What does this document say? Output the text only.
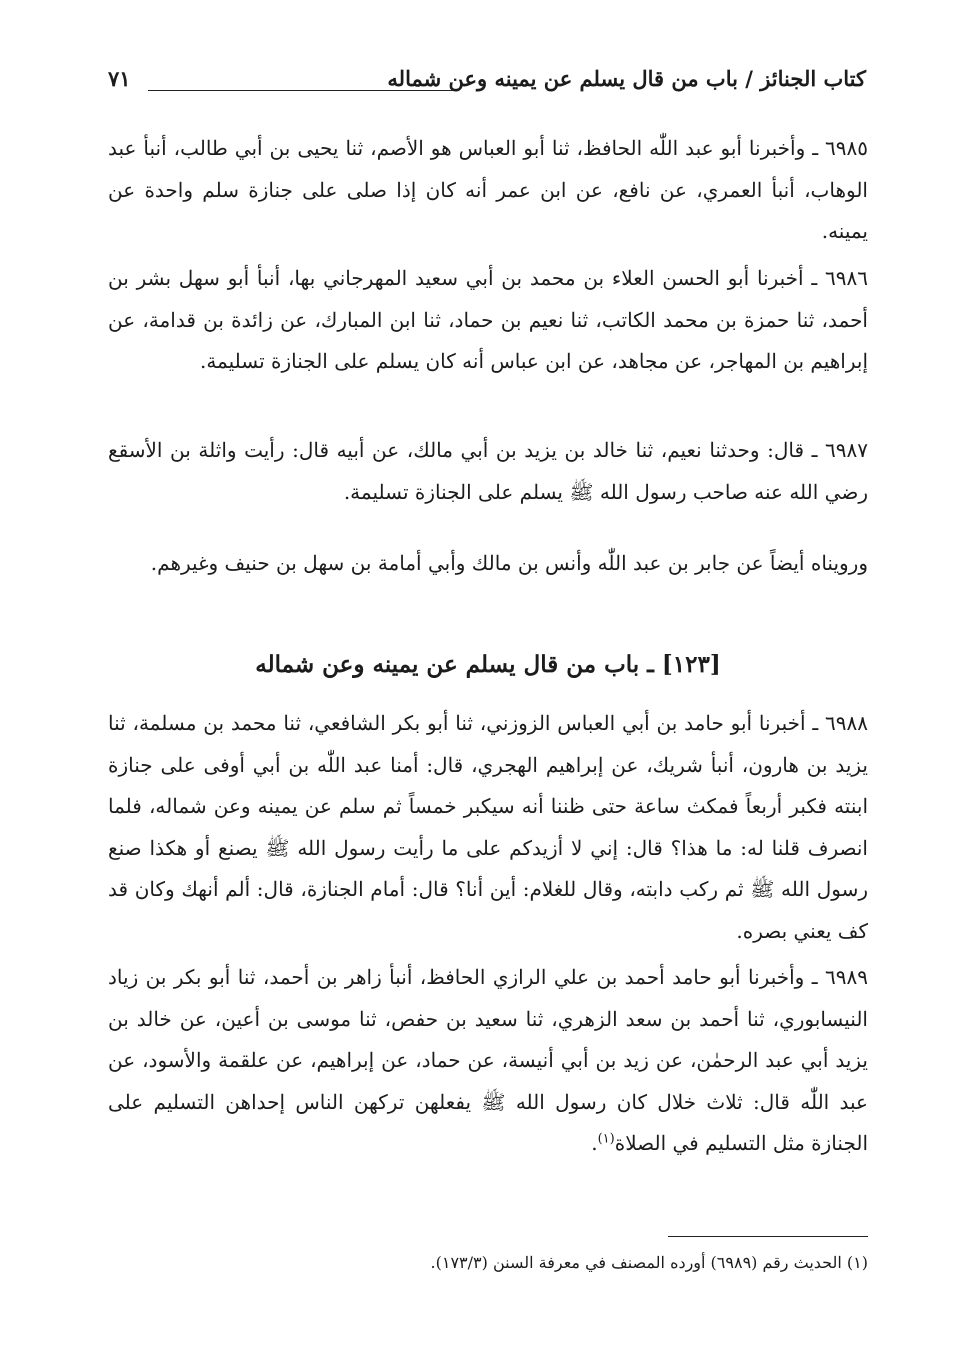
كتاب الجنائز / باب من قال يسلم عن يمينه وعن شماله
٧١
٦٩٨٥ ـ وأخبرنا أبو عبد اللّٰه الحافظ، ثنا أبو العباس هو الأصم، ثنا يحيى بن أبي طالب، أنبأ عبد الوهاب، أنبأ العمري، عن نافع، عن ابن عمر أنه كان إذا صلى على جنازة سلم واحدة عن يمينه.
٦٩٨٦ ـ أخبرنا أبو الحسن العلاء بن محمد بن أبي سعيد المهرجاني بها، أنبأ أبو سهل بشر بن أحمد، ثنا حمزة بن محمد الكاتب، ثنا نعيم بن حماد، ثنا ابن المبارك، عن زائدة بن قدامة، عن إبراهيم بن المهاجر، عن مجاهد، عن ابن عباس أنه كان يسلم على الجنازة تسليمة.
٦٩٨٧ ـ قال: وحدثنا نعيم، ثنا خالد بن يزيد بن أبي مالك، عن أبيه قال: رأيت واثلة بن الأسقع رضي الله عنه صاحب رسول الله ﷺ يسلم على الجنازة تسليمة.
ورويناه أيضاً عن جابر بن عبد اللّٰه وأنس بن مالك وأبي أمامة بن سهل بن حنيف وغيرهم.
[١٢٣] ـ باب من قال يسلم عن يمينه وعن شماله
٦٩٨٨ ـ أخبرنا أبو حامد بن أبي العباس الزوزني، ثنا أبو بكر الشافعي، ثنا محمد بن مسلمة، ثنا يزيد بن هارون، أنبأ شريك، عن إبراهيم الهجري، قال: أمنا عبد اللّٰه بن أبي أوفى على جنازة ابنته فكبر أربعاً فمكث ساعة حتى ظننا أنه سيكبر خمساً ثم سلم عن يمينه وعن شماله، فلما انصرف قلنا له: ما هذا؟ قال: إني لا أزيدكم على ما رأيت رسول الله ﷺ يصنع أو هكذا صنع رسول الله ﷺ ثم ركب دابته، وقال للغلام: أين أنا؟ قال: أمام الجنازة، قال: ألم أنهك وكان قد كف يعني بصره.
٦٩٨٩ ـ وأخبرنا أبو حامد أحمد بن علي الرازي الحافظ، أنبأ زاهر بن أحمد، ثنا أبو بكر بن زياد النيسابوري، ثنا أحمد بن سعد الزهري، ثنا سعيد بن حفص، ثنا موسى بن أعين، عن خالد بن يزيد أبي عبد الرحمٰن، عن زيد بن أبي أنيسة، عن حماد، عن إبراهيم، عن علقمة والأسود، عن عبد اللّٰه قال: ثلاث خلال كان رسول الله ﷺ يفعلهن تركهن الناس إحداهن التسليم على الجنازة مثل التسليم في الصلاة$^{(١)}$.
(١) الحديث رقم (٦٩٨٩) أورده المصنف في معرفة السنن (١٧٣/٣).
